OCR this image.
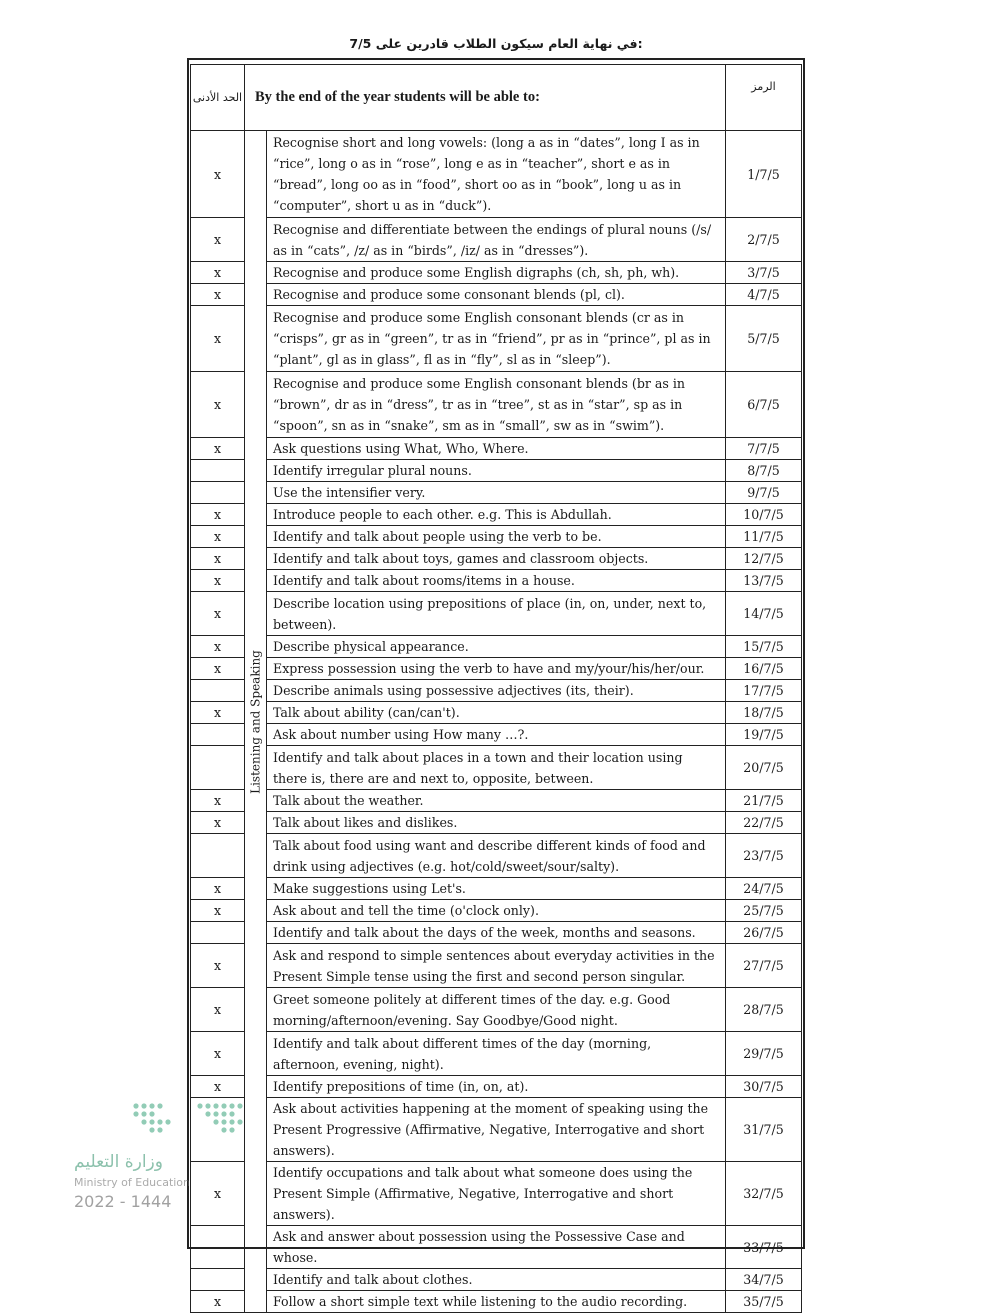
7/5 في نهاية العام سيكون الطلاب قادرين على:
الحد الأدنى	By the end of the year students will be able to:		الرمز
x	Listening and Speaking	Recognise short and long vowels: (long a as in “dates”, long I as in “rice”, long o as in “rose”, long e as in “teacher”, short e as in “bread”, long oo as in “food”, short oo as in “book”, long u as in “computer”, short u as in “duck”).	1/7/5
x		Recognise and differentiate between the endings of plural nouns (/s/ as in “cats”, /z/ as in “birds”, /iz/ as in “dresses”).	2/7/5
x		Recognise and produce some English digraphs (ch, sh, ph, wh).	3/7/5
x		Recognise and produce some consonant blends (pl, cl).	4/7/5
x		Recognise and produce some English consonant blends (cr as in “crisps”, gr as in “green”, tr as in “friend”, pr as in “prince”, pl as in “plant”, gl as in glass”, fl as in “fly”, sl as in “sleep”).	5/7/5
x		Recognise and produce some English consonant blends (br as in “brown”, dr as in “dress”, tr as in “tree”, st as in “star”, sp as in “spoon”, sn as in “snake”, sm as in “small”, sw as in “swim”).	6/7/5
x		Ask questions using What, Who, Where.	7/7/5
		Identify irregular plural nouns.	8/7/5
		Use the intensifier very.	9/7/5
x		Introduce people to each other. e.g. This is Abdullah.	10/7/5
x		Identify and talk about people using the verb to be.	11/7/5
x		Identify and talk about toys, games and classroom objects.	12/7/5
x		Identify and talk about rooms/items in a house.	13/7/5
x		Describe location using prepositions of place (in, on, under, next to, between).	14/7/5
x		Describe physical appearance.	15/7/5
x		Express possession using the verb to have and my/your/his/her/our.	16/7/5
		Describe animals using possessive adjectives (its, their).	17/7/5
x		Talk about ability (can/can't).	18/7/5
		Ask about number using How many …?.	19/7/5
		Identify and talk about places in a town and their location using there is, there are and next to, opposite, between.	20/7/5
x		Talk about the weather.	21/7/5
x		Talk about likes and dislikes.	22/7/5
		Talk about food using want and describe different kinds of food and drink using adjectives (e.g. hot/cold/sweet/sour/salty).	23/7/5
x		Make suggestions using Let's.	24/7/5
x		Ask about and tell the time (o'clock only).	25/7/5
		Identify and talk about the days of the week, months and seasons.	26/7/5
x		Ask and respond to simple sentences about everyday activities in the Present Simple tense using the first and second person singular.	27/7/5
x		Greet someone politely at different times of the day. e.g. Good morning/afternoon/evening. Say Goodbye/Good night.	28/7/5
x		Identify and talk about different times of the day (morning, afternoon, evening, night).	29/7/5
x		Identify prepositions of time (in, on, at).	30/7/5
		Ask about activities happening at the moment of speaking using the Present Progressive (Affirmative, Negative, Interrogative and short answers).	31/7/5
x		Identify occupations and talk about what someone does using the Present Simple (Affirmative, Negative, Interrogative and short answers).	32/7/5
		Ask and answer about possession using the Possessive Case and whose.	33/7/5
		Identify and talk about clothes.	34/7/5
x		Follow a short simple text while listening to the audio recording.	35/7/5
وزارة التعليم
Ministry of Education
2022 - 1444
